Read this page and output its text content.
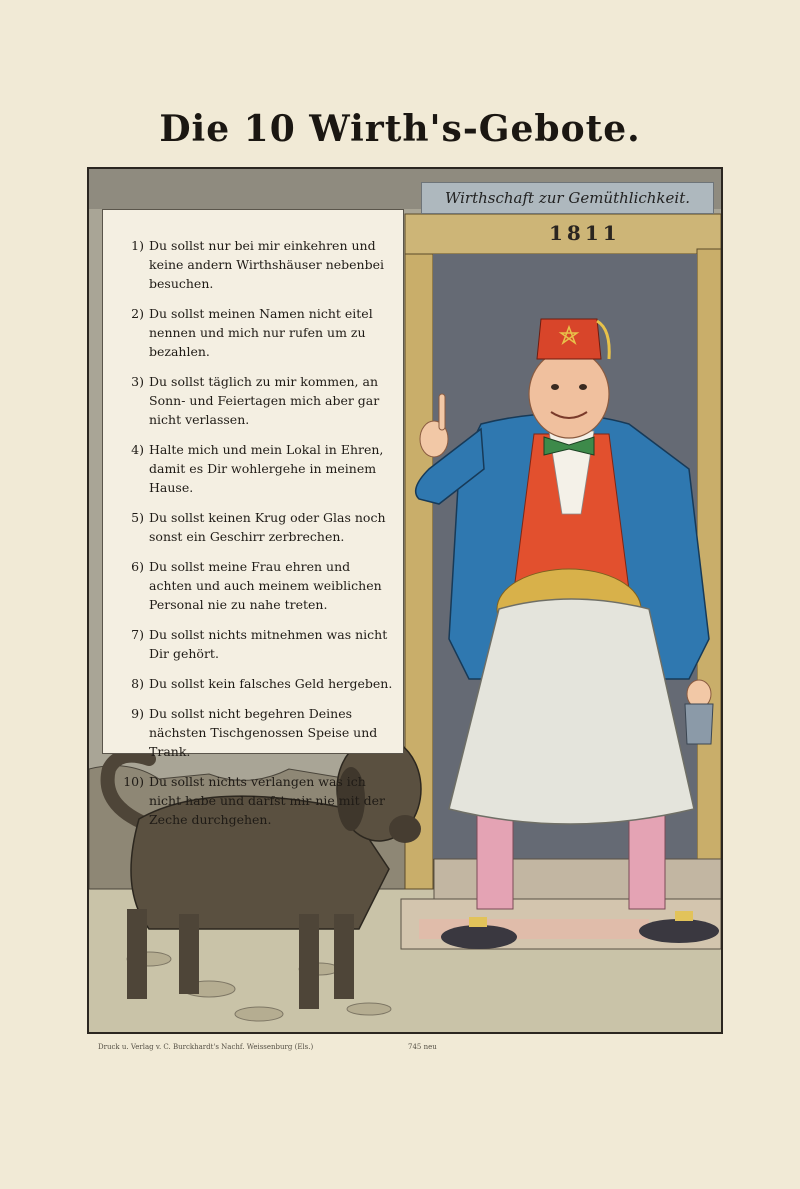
Die 10 Wirth's-Gebote.
Wirthschaft zur Gemüthlichkeit.
1811
1) Du sollst nur bei mir einkehren und keine andern Wirthshäuser nebenbei besuchen.
2) Du sollst meinen Namen nicht eitel nennen und mich nur rufen um zu bezahlen.
3) Du sollst täglich zu mir kommen, an Sonn- und Feiertagen mich aber gar nicht verlassen.
4) Halte mich und mein Lokal in Ehren, damit es Dir wohlergehe in meinem Hause.
5) Du sollst keinen Krug oder Glas noch sonst ein Geschirr zerbrechen.
6) Du sollst meine Frau ehren und achten und auch meinem weiblichen Personal nie zu nahe treten.
7) Du sollst nichts mitnehmen was nicht Dir gehört.
8) Du sollst kein falsches Geld hergeben.
9) Du sollst nicht begehren Deines nächsten Tischgenossen Speise und Trank.
10) Du sollst nichts verlangen was ich nicht habe und darfst mir nie mit der Zeche durchgehen.
Druck u. Verlag v. C. Burckhardt's Nachf. Weissenburg (Els.)	745 neu
